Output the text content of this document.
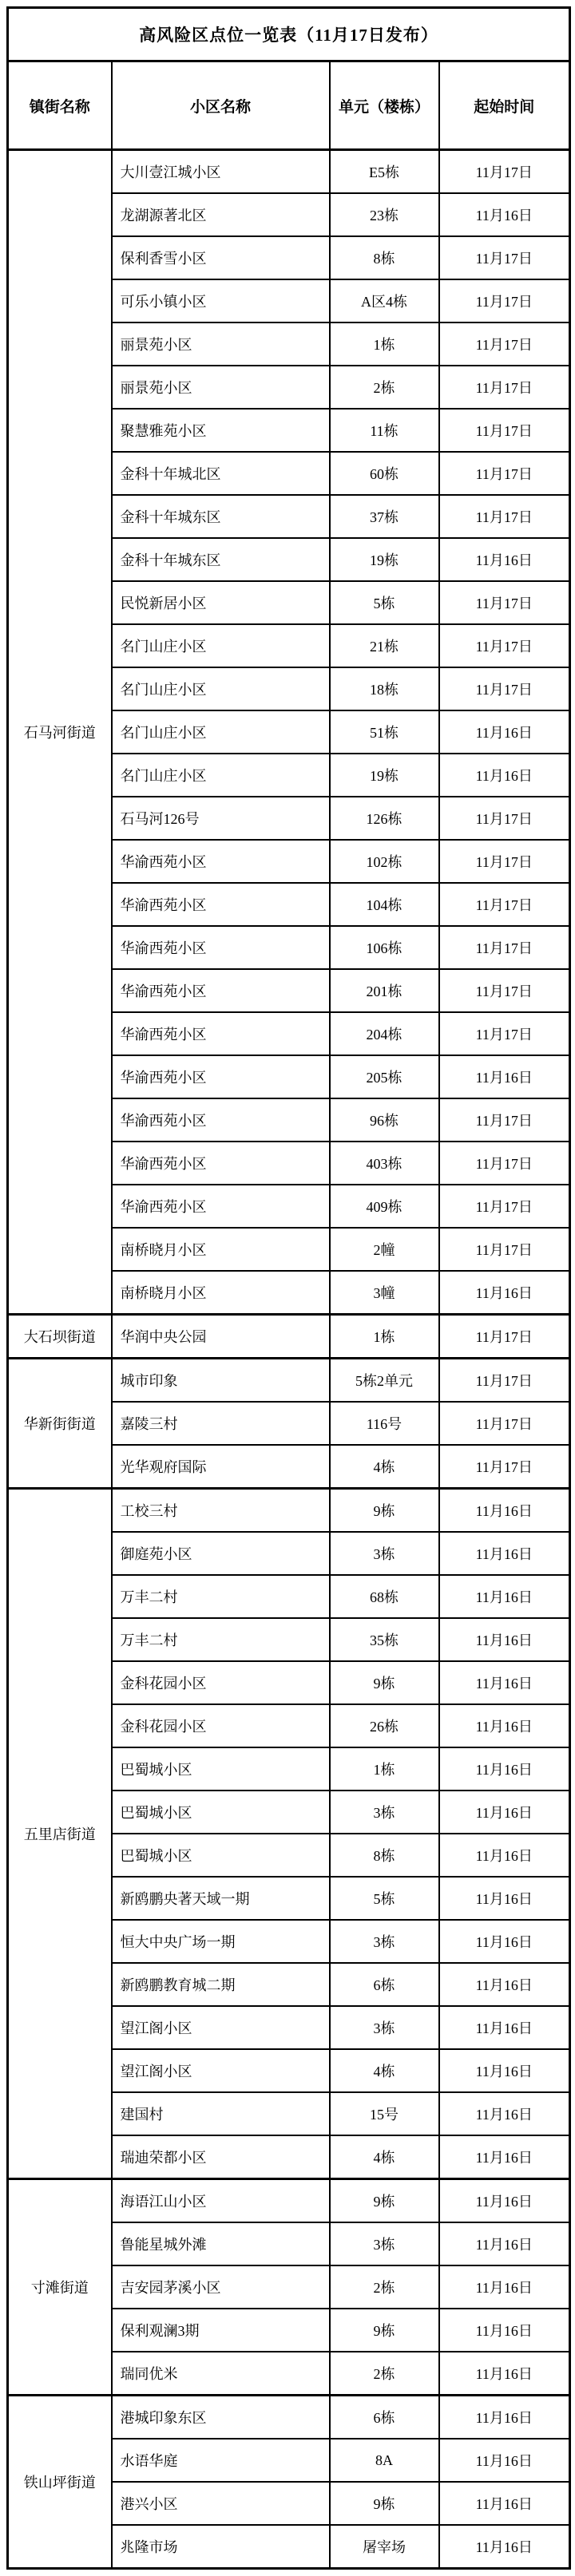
高风险区点位一览表（11月17日发布）			
镇街名称	小区名称	单元（楼栋）	起始时间
石马河街道	大川壹江城小区	E5栋	11月17日
	龙湖源著北区	23栋	11月16日
	保利香雪小区	8栋	11月17日
	可乐小镇小区	A区4栋	11月17日
	丽景苑小区	1栋	11月17日
	丽景苑小区	2栋	11月17日
	聚慧雅苑小区	11栋	11月17日
	金科十年城北区	60栋	11月17日
	金科十年城东区	37栋	11月17日
	金科十年城东区	19栋	11月16日
	民悦新居小区	5栋	11月17日
	名门山庄小区	21栋	11月17日
	名门山庄小区	18栋	11月17日
	名门山庄小区	51栋	11月16日
	名门山庄小区	19栋	11月16日
	石马河126号	126栋	11月17日
	华渝西苑小区	102栋	11月17日
	华渝西苑小区	104栋	11月17日
	华渝西苑小区	106栋	11月17日
	华渝西苑小区	201栋	11月17日
	华渝西苑小区	204栋	11月17日
	华渝西苑小区	205栋	11月16日
	华渝西苑小区	96栋	11月17日
	华渝西苑小区	403栋	11月17日
	华渝西苑小区	409栋	11月17日
	南桥晓月小区	2幢	11月17日
	南桥晓月小区	3幢	11月16日
大石坝街道	华润中央公园	1栋	11月17日
华新街街道	城市印象	5栋2单元	11月17日
	嘉陵三村	116号	11月17日
	光华观府国际	4栋	11月17日
五里店街道	工校三村	9栋	11月16日
	御庭苑小区	3栋	11月16日
	万丰二村	68栋	11月16日
	万丰二村	35栋	11月16日
	金科花园小区	9栋	11月16日
	金科花园小区	26栋	11月16日
	巴蜀城小区	1栋	11月16日
	巴蜀城小区	3栋	11月16日
	巴蜀城小区	8栋	11月16日
	新鸥鹏央著天域一期	5栋	11月16日
	恒大中央广场一期	3栋	11月16日
	新鸥鹏教育城二期	6栋	11月16日
	望江阁小区	3栋	11月16日
	望江阁小区	4栋	11月16日
	建国村	15号	11月16日
	瑞迪荣都小区	4栋	11月16日
寸滩街道	海语江山小区	9栋	11月16日
	鲁能星城外滩	3栋	11月16日
	吉安园茅溪小区	2栋	11月16日
	保利观澜3期	9栋	11月16日
	瑞同优米	2栋	11月16日
铁山坪街道	港城印象东区	6栋	11月16日
	水语华庭	8A	11月16日
	港兴小区	9栋	11月16日
	兆隆市场	屠宰场	11月16日
